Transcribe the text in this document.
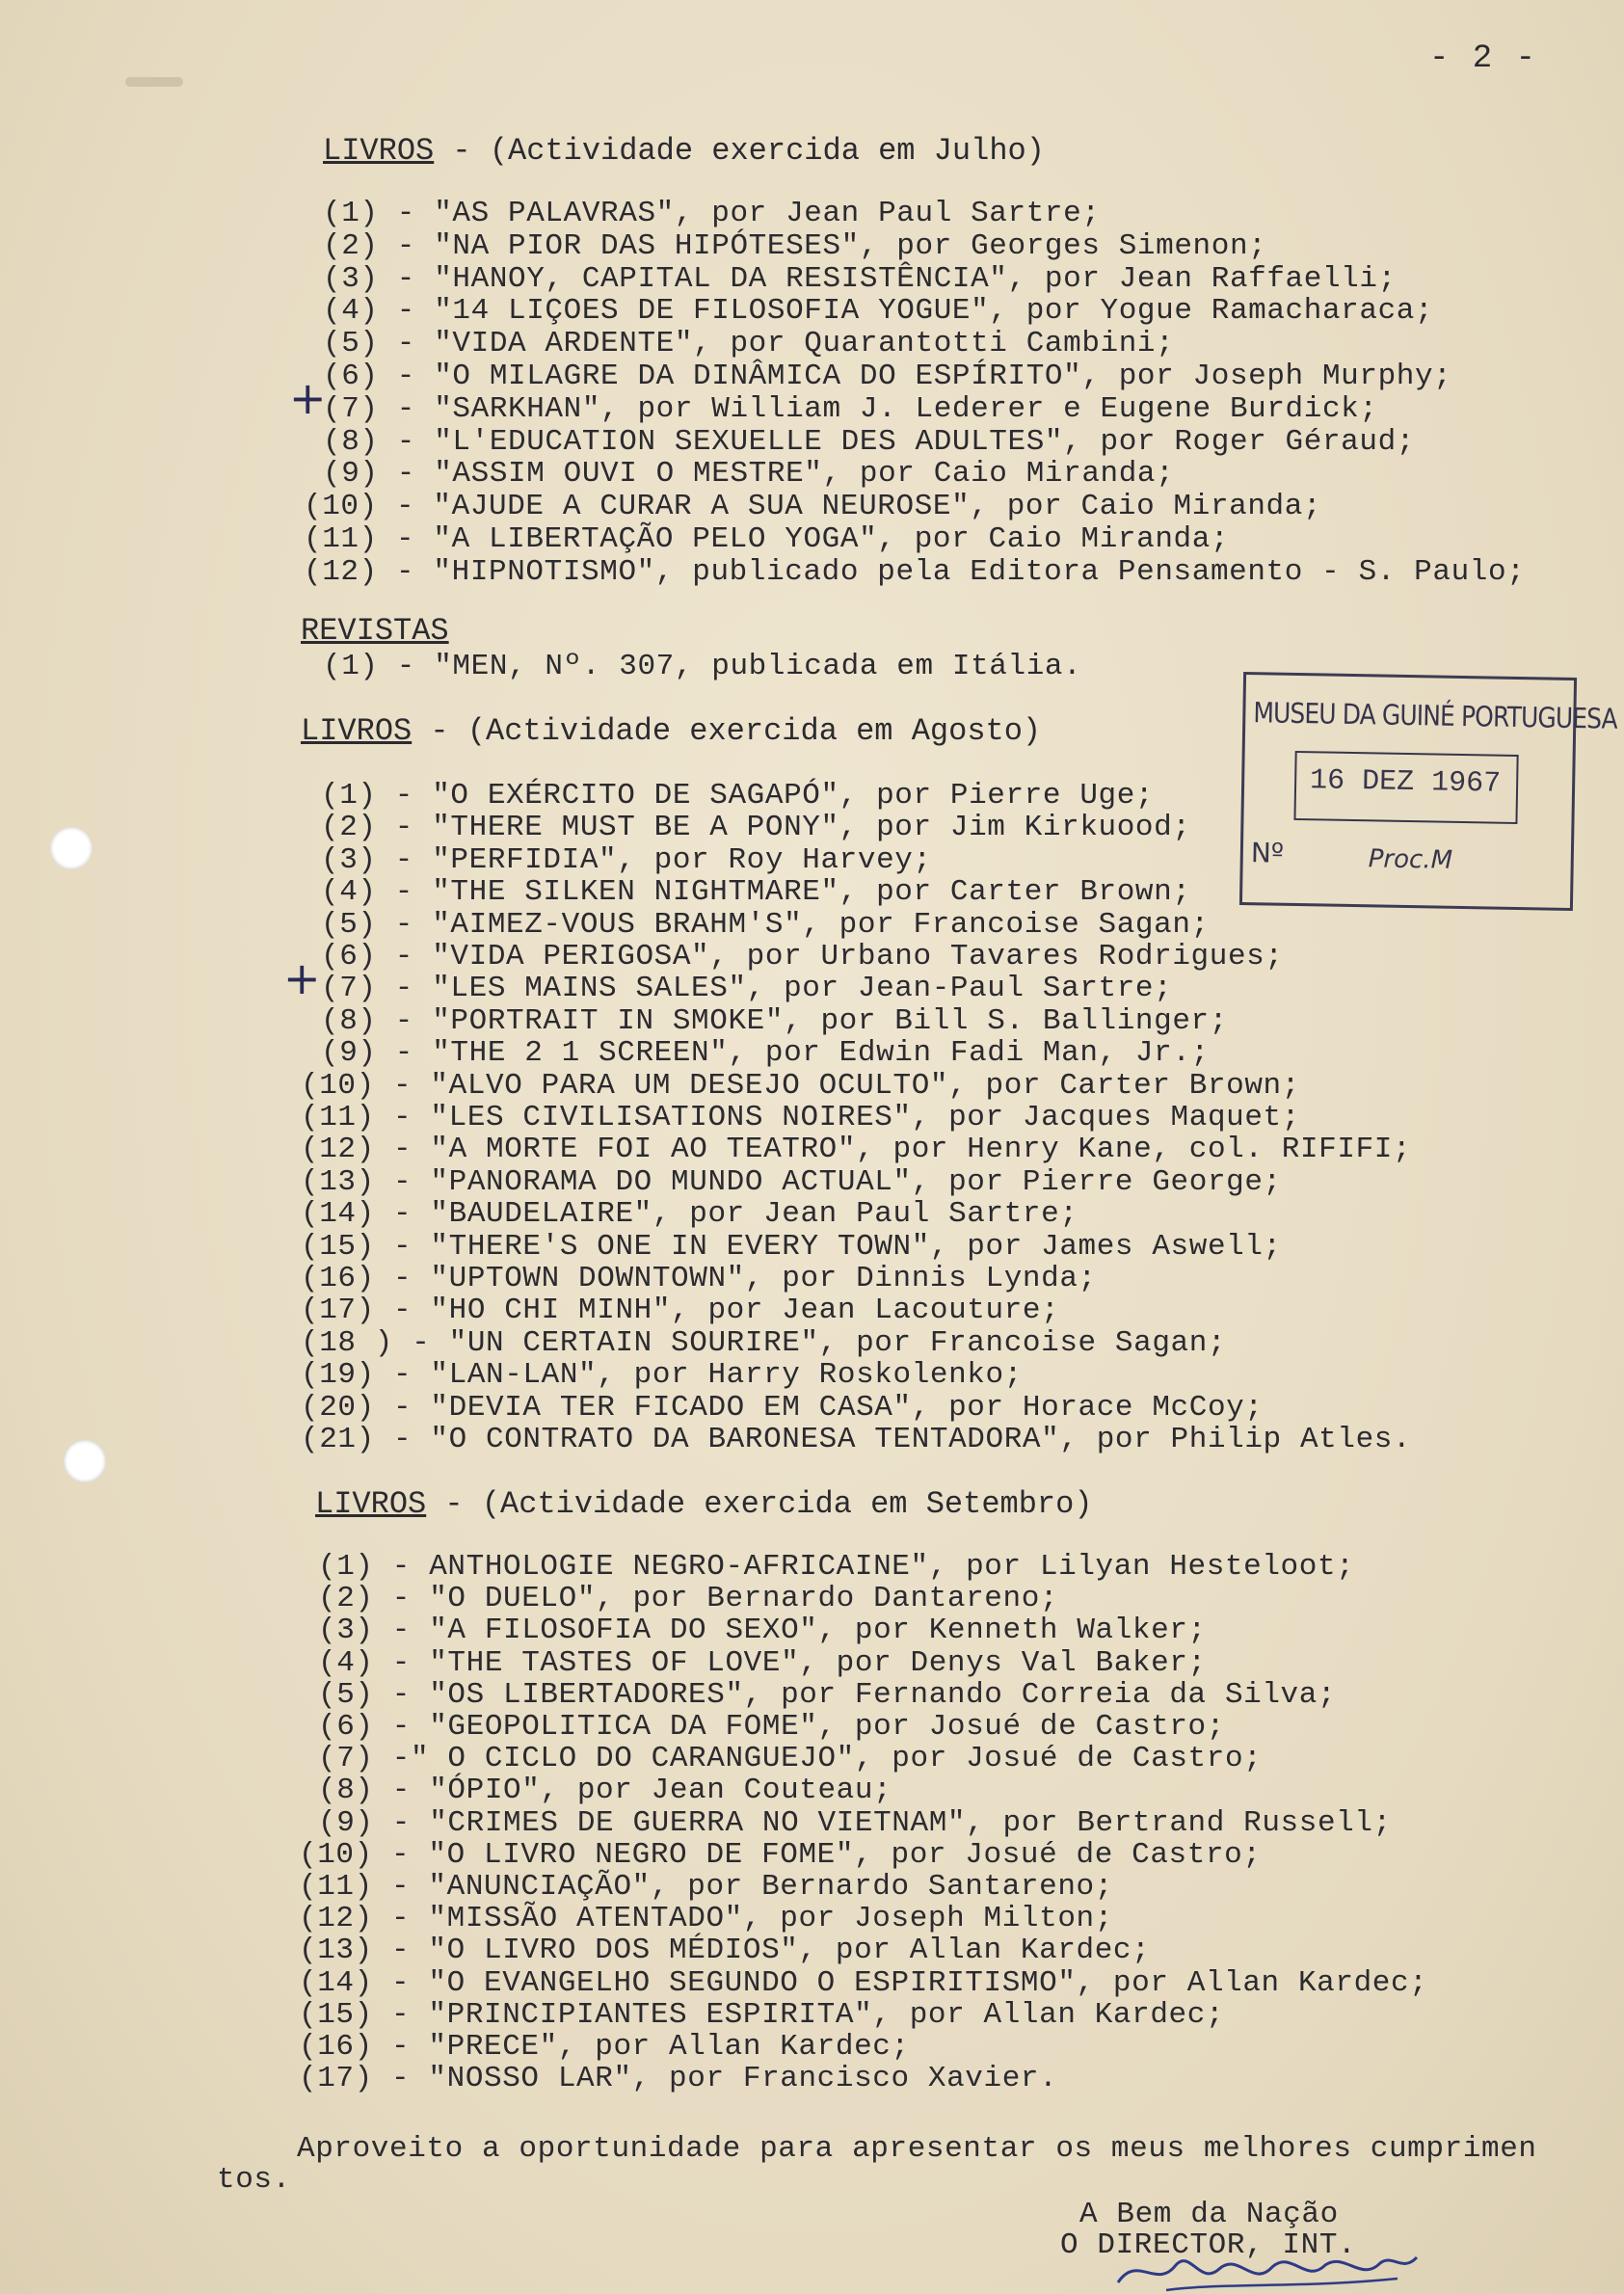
- 2 -
LIVROS - (Actividade exercida em Julho)
(1) - "AS PALAVRAS", por Jean Paul Sartre;
(2) - "NA PIOR DAS HIPÓTESES", por Georges Simenon;
(3) - "HANOY, CAPITAL DA RESISTÊNCIA", por Jean Raffaelli;
(4) - "14 LIÇOES DE FILOSOFIA YOGUE", por Yogue Ramacharaca;
(5) - "VIDA ARDENTE", por Quarantotti Cambini;
(6) - "O MILAGRE DA DINÂMICA DO ESPÍRITO", por Joseph Murphy;
(7) - "SARKHAN", por William J. Lederer e Eugene Burdick;
(8) - "L'EDUCATION SEXUELLE DES ADULTES", por Roger Géraud;
(9) - "ASSIM OUVI O MESTRE", por Caio Miranda;
(10) - "AJUDE A CURAR A SUA NEUROSE", por Caio Miranda;
(11) - "A LIBERTAÇÃO PELO YOGA", por Caio Miranda;
(12) - "HIPNOTISMO", publicado pela Editora Pensamento - S. Paulo;
REVISTAS
(1) - "MEN, Nº. 307, publicada em Itália.
LIVROS - (Actividade exercida em Agosto)
(1) - "O EXÉRCITO DE SAGAPÓ", por Pierre Uge;
(2) - "THERE MUST BE A PONY", por Jim Kirkuood;
(3) - "PERFIDIA", por Roy Harvey;
(4) - "THE SILKEN NIGHTMARE", por Carter Brown;
(5) - "AIMEZ-VOUS BRAHM'S", por Francoise Sagan;
(6) - "VIDA PERIGOSA", por Urbano Tavares Rodrigues;
(7) - "LES MAINS SALES", por Jean-Paul Sartre;
(8) - "PORTRAIT IN SMOKE", por Bill S. Ballinger;
(9) - "THE 2 1 SCREEN", por Edwin Fadi Man, Jr.;
(10) - "ALVO PARA UM DESEJO OCULTO", por Carter Brown;
(11) - "LES CIVILISATIONS NOIRES", por Jacques Maquet;
(12) - "A MORTE FOI AO TEATRO", por Henry Kane, col. RIFIFI;
(13) - "PANORAMA DO MUNDO ACTUAL", por Pierre George;
(14) - "BAUDELAIRE", por Jean Paul Sartre;
(15) - "THERE'S ONE IN EVERY TOWN", por James Aswell;
(16) - "UPTOWN DOWNTOWN", por Dinnis Lynda;
(17) - "HO CHI MINH", por Jean Lacouture;
(18 ) - "UN CERTAIN SOURIRE", por Francoise Sagan;
(19) - "LAN-LAN", por Harry Roskolenko;
(20) - "DEVIA TER FICADO EM CASA", por Horace McCoy;
(21) - "O CONTRATO DA BARONESA TENTADORA", por Philip Atles.
LIVROS - (Actividade exercida em Setembro)
(1) - ANTHOLOGIE NEGRO-AFRICAINE", por Lilyan Hesteloot;
(2) - "O DUELO", por Bernardo Dantareno;
(3) - "A FILOSOFIA DO SEXO", por Kenneth Walker;
(4) - "THE TASTES OF LOVE", por Denys Val Baker;
(5) - "OS LIBERTADORES", por Fernando Correia da Silva;
(6) - "GEOPOLITICA DA FOME", por Josué de Castro;
(7) -" O CICLO DO CARANGUEJO", por Josué de Castro;
(8) - "ÓPIO", por Jean Couteau;
(9) - "CRIMES DE GUERRA NO VIETNAM", por Bertrand Russell;
(10) - "O LIVRO NEGRO DE FOME", por Josué de Castro;
(11) - "ANUNCIAÇÃO", por Bernardo Santareno;
(12) - "MISSÃO ATENTADO", por Joseph Milton;
(13) - "O LIVRO DOS MÉDIOS", por Allan Kardec;
(14) - "O EVANGELHO SEGUNDO O ESPIRITISMO", por Allan Kardec;
(15) - "PRINCIPIANTES ESPIRITA", por Allan Kardec;
(16) - "PRECE", por Allan Kardec;
(17) - "NOSSO LAR", por Francisco Xavier.
+
+
MUSEU DA GUINÉ PORTUGUESA
16 DEZ 1967
Nº	Proc.M
Aproveito a oportunidade para apresentar os meus melhores cumprimen
tos.
A Bem da Nação
O DIRECTOR, INT.
